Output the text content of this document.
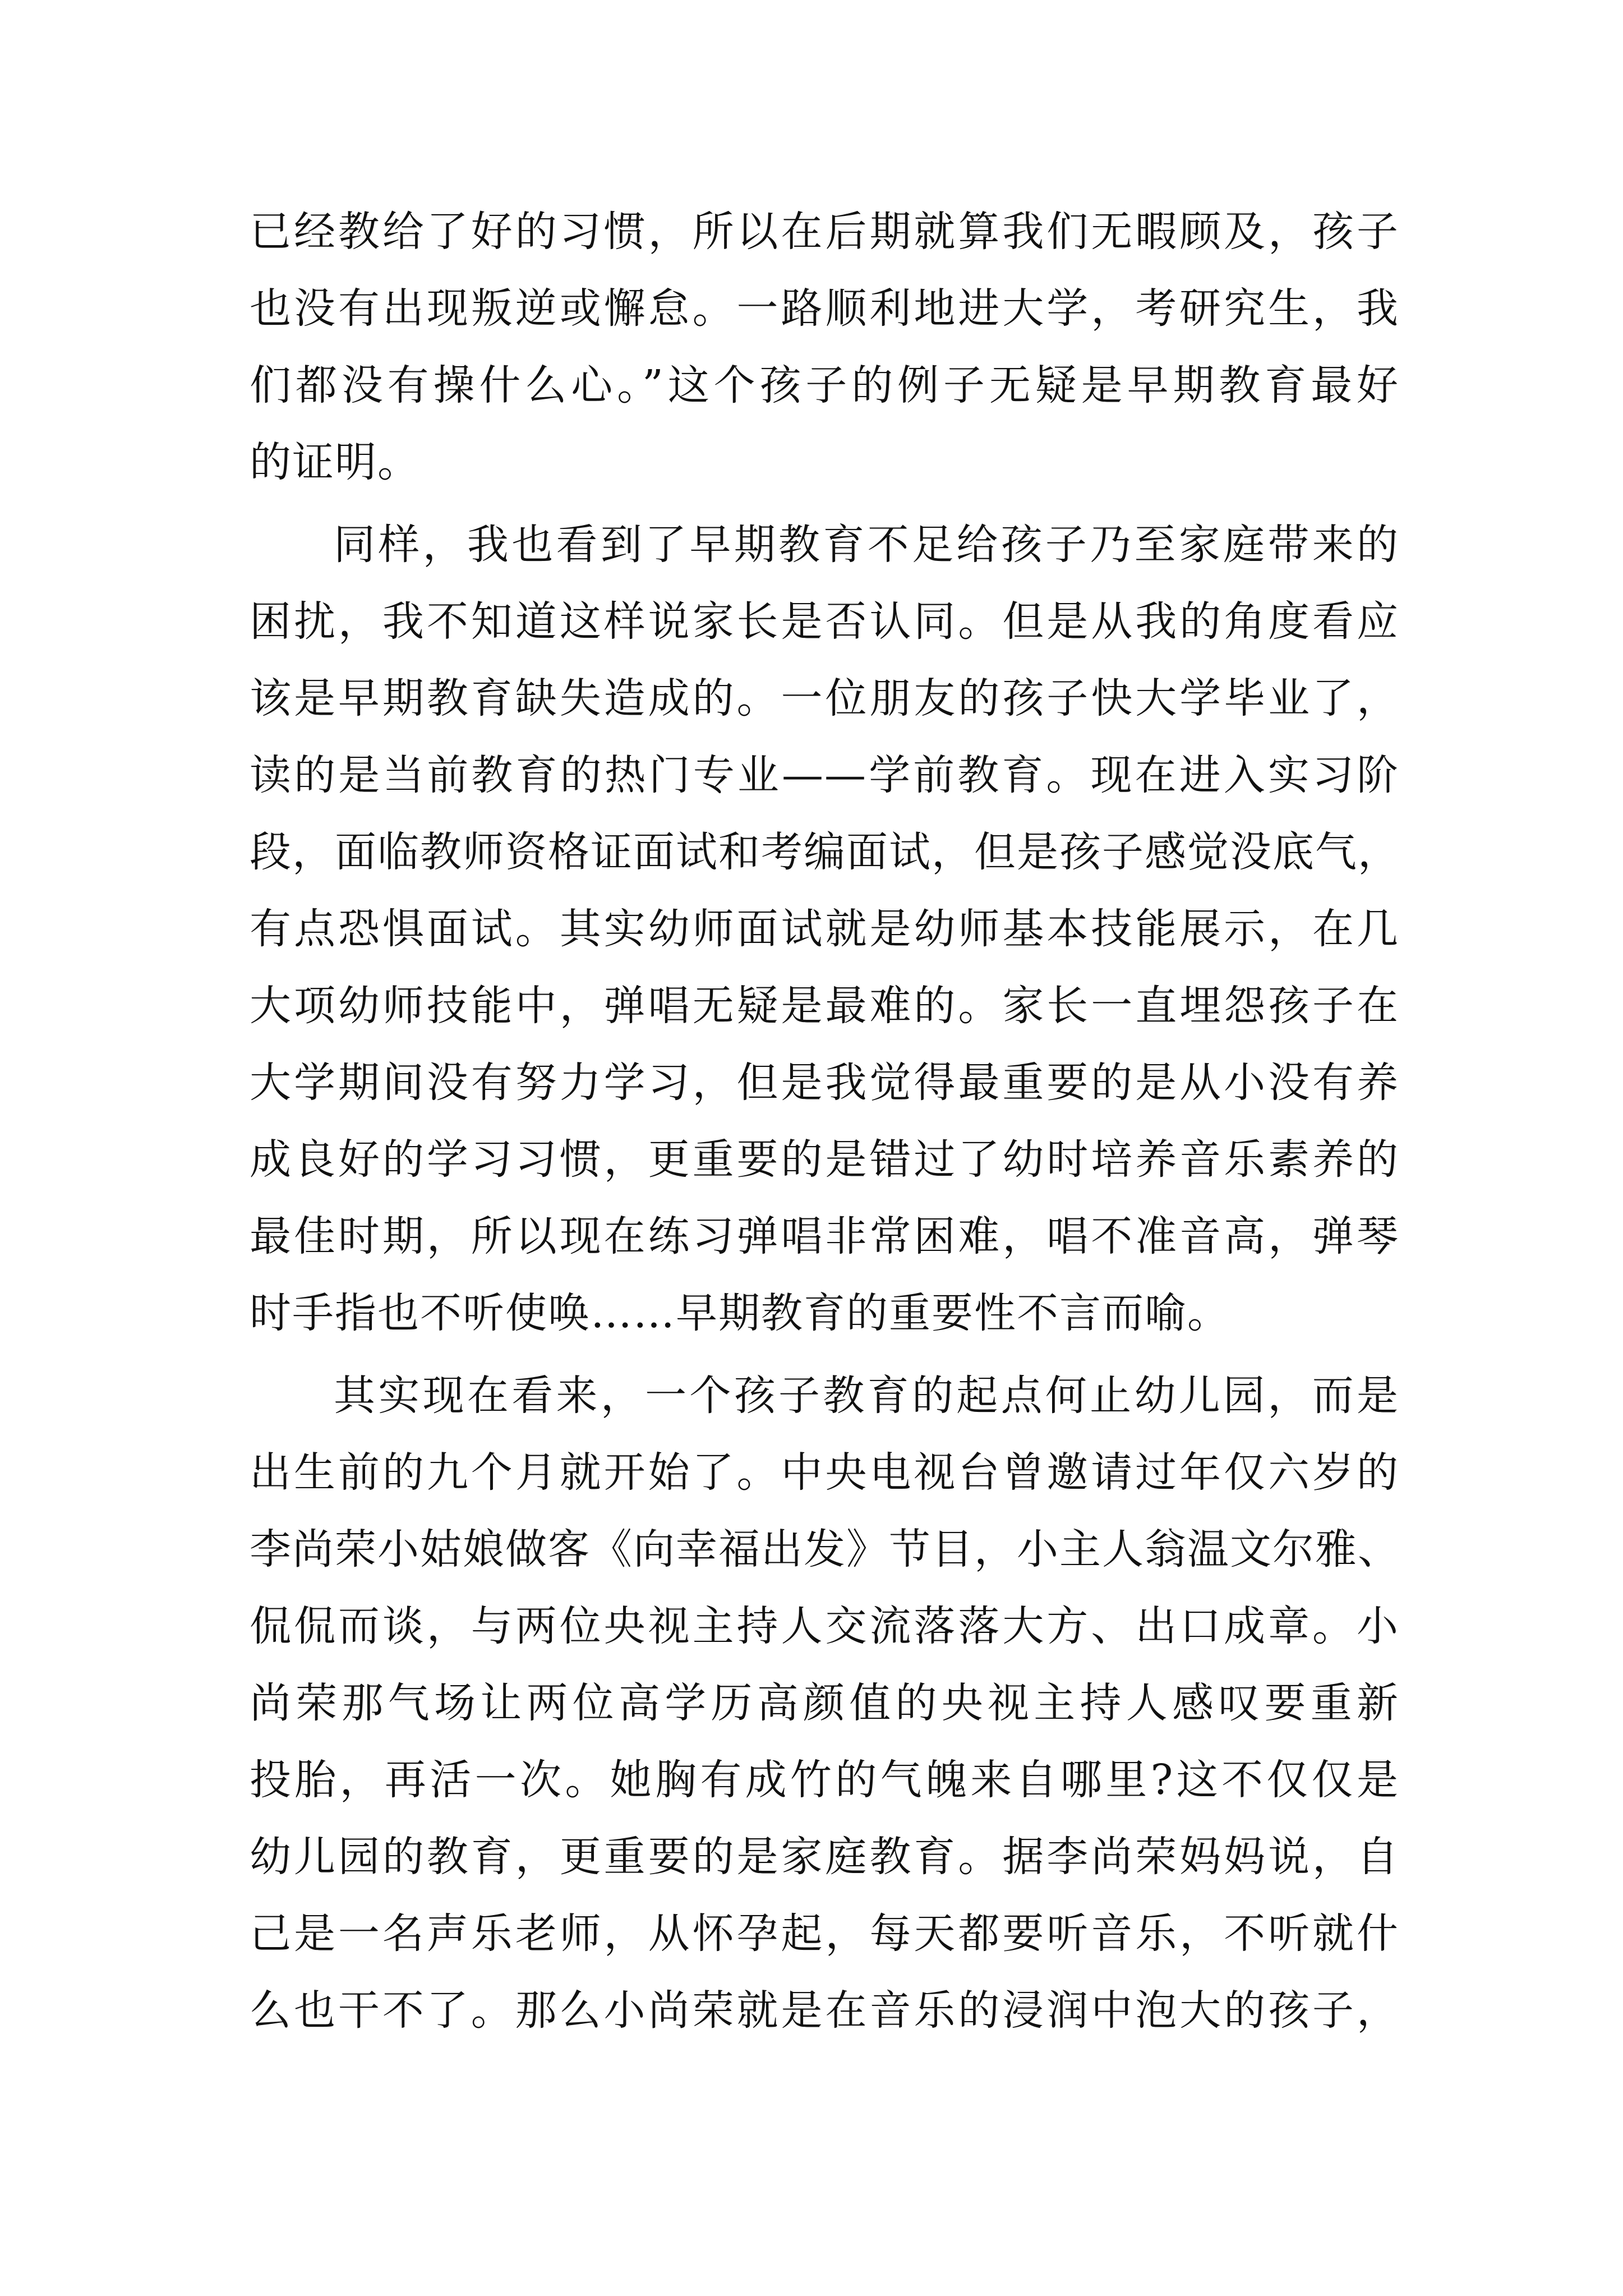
已经教给了好的习惯，所以在后期就算我们无暇顾及，孩子
也没有出现叛逆或懈怠。一路顺利地进大学，考研究生，我
们都没有操什么心。”这个孩子的例子无疑是早期教育最好
的证明。
同样，我也看到了早期教育不足给孩子乃至家庭带来的
困扰，我不知道这样说家长是否认同。但是从我的角度看应
该是早期教育缺失造成的。一位朋友的孩子快大学毕业了，
读的是当前教育的热门专业——学前教育。现在进入实习阶
段，面临教师资格证面试和考编面试，但是孩子感觉没底气，
有点恐惧面试。其实幼师面试就是幼师基本技能展示，在几
大项幼师技能中，弹唱无疑是最难的。家长一直埋怨孩子在
大学期间没有努力学习，但是我觉得最重要的是从小没有养
成良好的学习习惯，更重要的是错过了幼时培养音乐素养的
最佳时期，所以现在练习弹唱非常困难，唱不准音高，弹琴
时手指也不听使唤……早期教育的重要性不言而喻。
其实现在看来，一个孩子教育的起点何止幼儿园，而是
出生前的九个月就开始了。中央电视台曾邀请过年仅六岁的
李尚荣小姑娘做客《向幸福出发》节目，小主人翁温文尔雅、
侃侃而谈，与两位央视主持人交流落落大方、出口成章。小
尚荣那气场让两位高学历高颜值的央视主持人感叹要重新
投胎，再活一次。她胸有成竹的气魄来自哪里?这不仅仅是
幼儿园的教育，更重要的是家庭教育。据李尚荣妈妈说，自
己是一名声乐老师，从怀孕起，每天都要听音乐，不听就什
么也干不了。那么小尚荣就是在音乐的浸润中泡大的孩子，
